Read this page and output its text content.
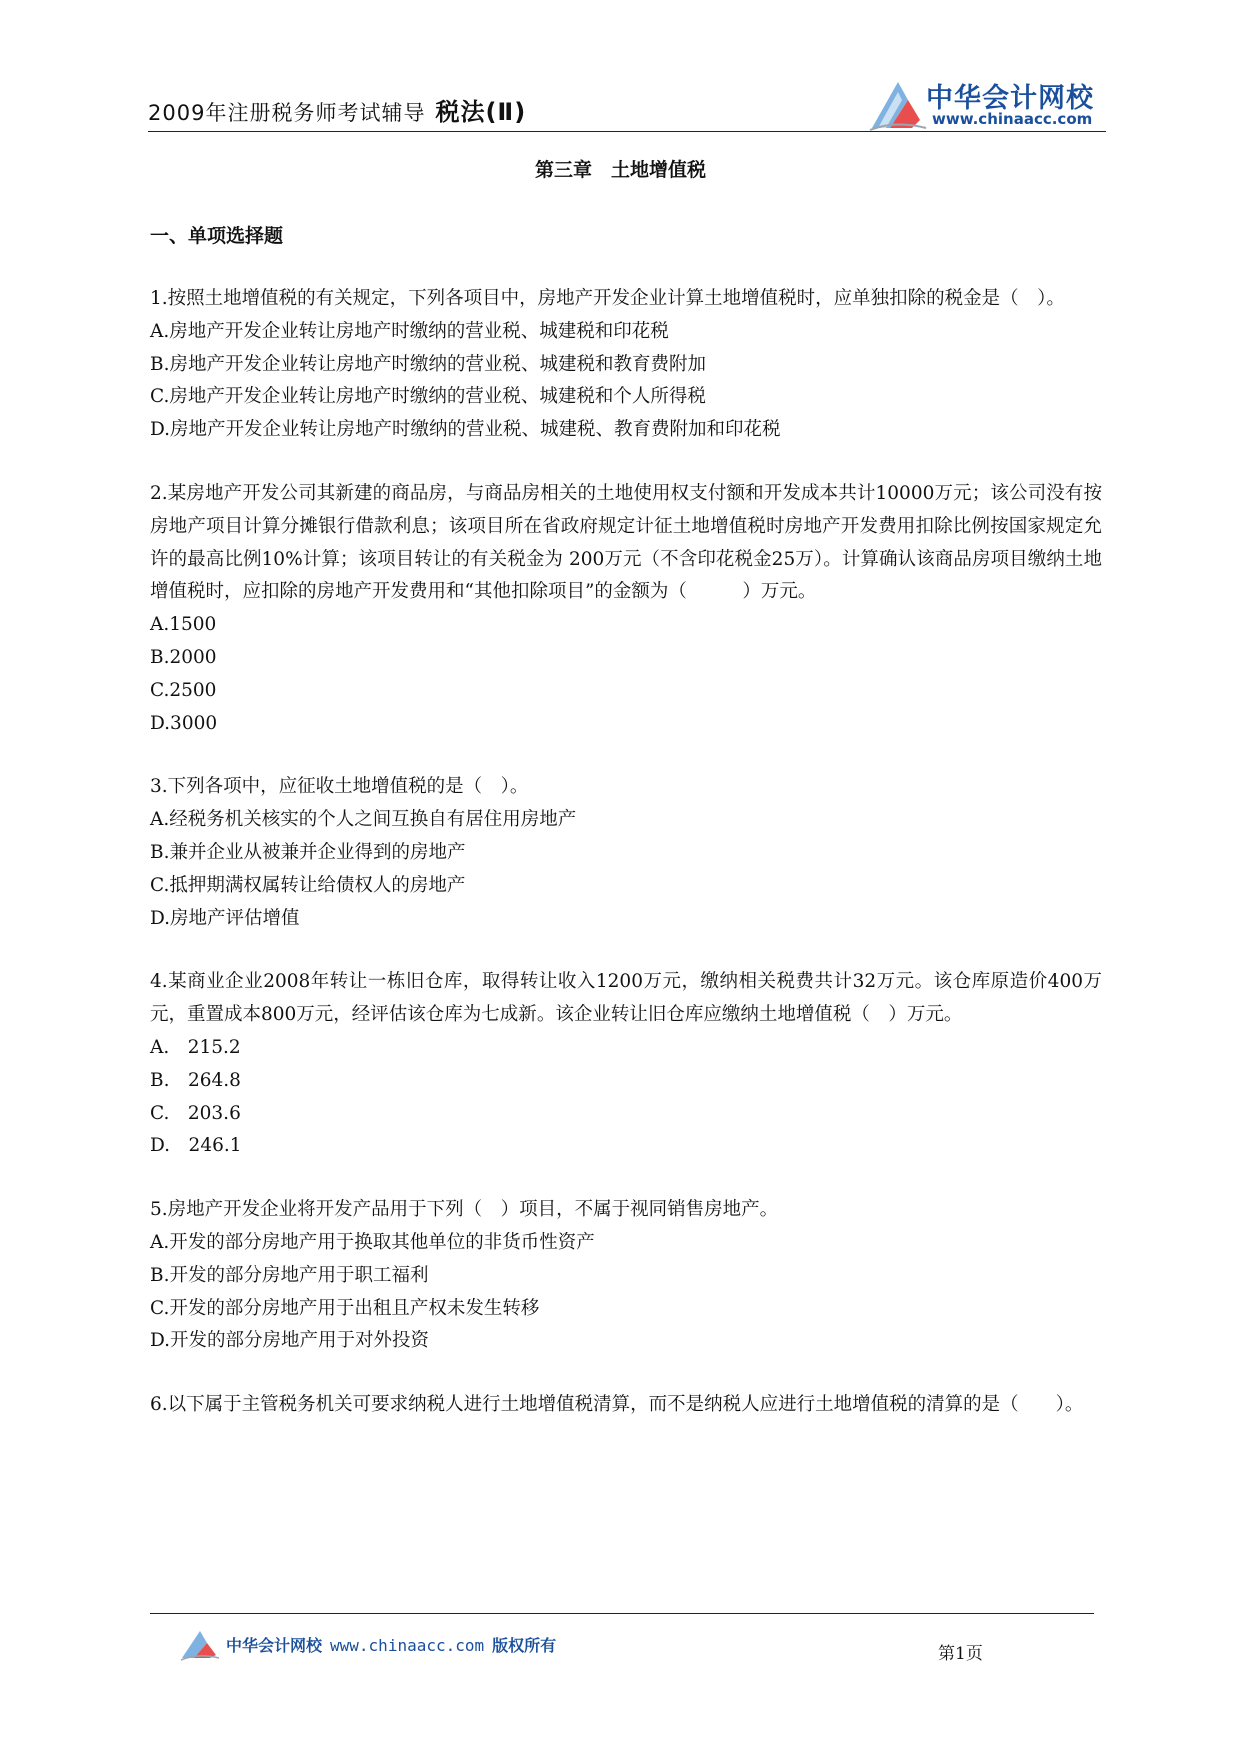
2009年注册税务师考试辅导 税法(Ⅱ)	中华会计网校
www.chinaacc.com
第三章　土地增值税
一、单项选择题
1.按照土地增值税的有关规定，下列各项目中，房地产开发企业计算土地增值税时，应单独扣除的税金是（　）。
A.房地产开发企业转让房地产时缴纳的营业税、城建税和印花税
B.房地产开发企业转让房地产时缴纳的营业税、城建税和教育费附加
C.房地产开发企业转让房地产时缴纳的营业税、城建税和个人所得税
D.房地产开发企业转让房地产时缴纳的营业税、城建税、教育费附加和印花税
2.某房地产开发公司其新建的商品房，与商品房相关的土地使用权支付额和开发成本共计10000万元；该公司没有按房地产项目计算分摊银行借款利息；该项目所在省政府规定计征土地增值税时房地产开发费用扣除比例按国家规定允许的最高比例10%计算；该项目转让的有关税金为 200万元（不含印花税金25万）。计算确认该商品房项目缴纳土地增值税时，应扣除的房地产开发费用和“其他扣除项目”的金额为（　　　）万元。
A.1500
B.2000
C.2500
D.3000
3.下列各项中，应征收土地增值税的是（　）。
A.经税务机关核实的个人之间互换自有居住用房地产
B.兼并企业从被兼并企业得到的房地产
C.抵押期满权属转让给债权人的房地产
D.房地产评估增值
4.某商业企业2008年转让一栋旧仓库，取得转让收入1200万元，缴纳相关税费共计32万元。该仓库原造价400万元，重置成本800万元，经评估该仓库为七成新。该企业转让旧仓库应缴纳土地增值税（　）万元。
A.　215.2
B.　264.8
C.　203.6
D.　246.1
5.房地产开发企业将开发产品用于下列（　）项目，不属于视同销售房地产。
A.开发的部分房地产用于换取其他单位的非货币性资产
B.开发的部分房地产用于职工福利
C.开发的部分房地产用于出租且产权未发生转移
D.开发的部分房地产用于对外投资
6.以下属于主管税务机关可要求纳税人进行土地增值税清算，而不是纳税人应进行土地增值税的清算的是（　　）。
中华会计网校 www.chinaacc.com 版权所有	第1页
